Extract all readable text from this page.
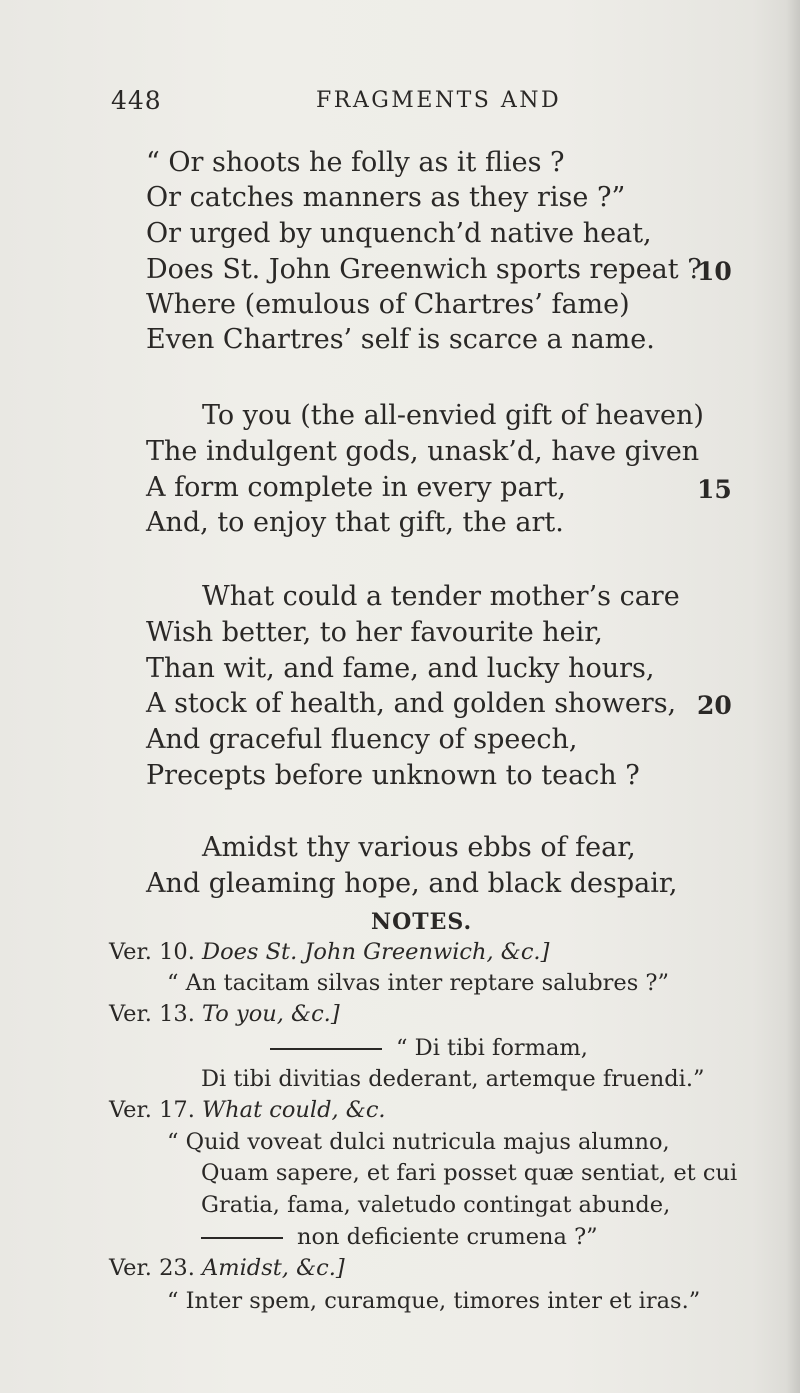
448	FRAGMENTS AND
“ Or shoots he folly as it flies ?
Or catches manners as they rise ?”
Or urged by unquench’d native heat,
Does St. John Greenwich sports repeat ?
Where (emulous of Chartres’ fame)
Even Chartres’ self is scarce a name.
10
To you (the all-envied gift of heaven)
The indulgent gods, unask’d, have given
A form complete in every part,
And, to enjoy that gift, the art.
15
What could a tender mother’s care
Wish better, to her favourite heir,
Than wit, and fame, and lucky hours,
A stock of health, and golden showers,
And graceful fluency of speech,
Precepts before unknown to teach ?
20
Amidst thy various ebbs of fear,
And gleaming hope, and black despair,
NOTES.
Ver. 10. Does St. John Greenwich, &c.]
“ An tacitam silvas inter reptare salubres ?”
Ver. 13. To you, &c.]
“ Di tibi formam,
Di tibi divitias dederant, artemque fruendi.”
Ver. 17. What could, &c.
“ Quid voveat dulci nutricula majus alumno,
Quam sapere, et fari posset quæ sentiat, et cui
Gratia, fama, valetudo contingat abunde,
non deficiente crumena ?”
Ver. 23. Amidst, &c.]
“ Inter spem, curamque, timores inter et iras.”
